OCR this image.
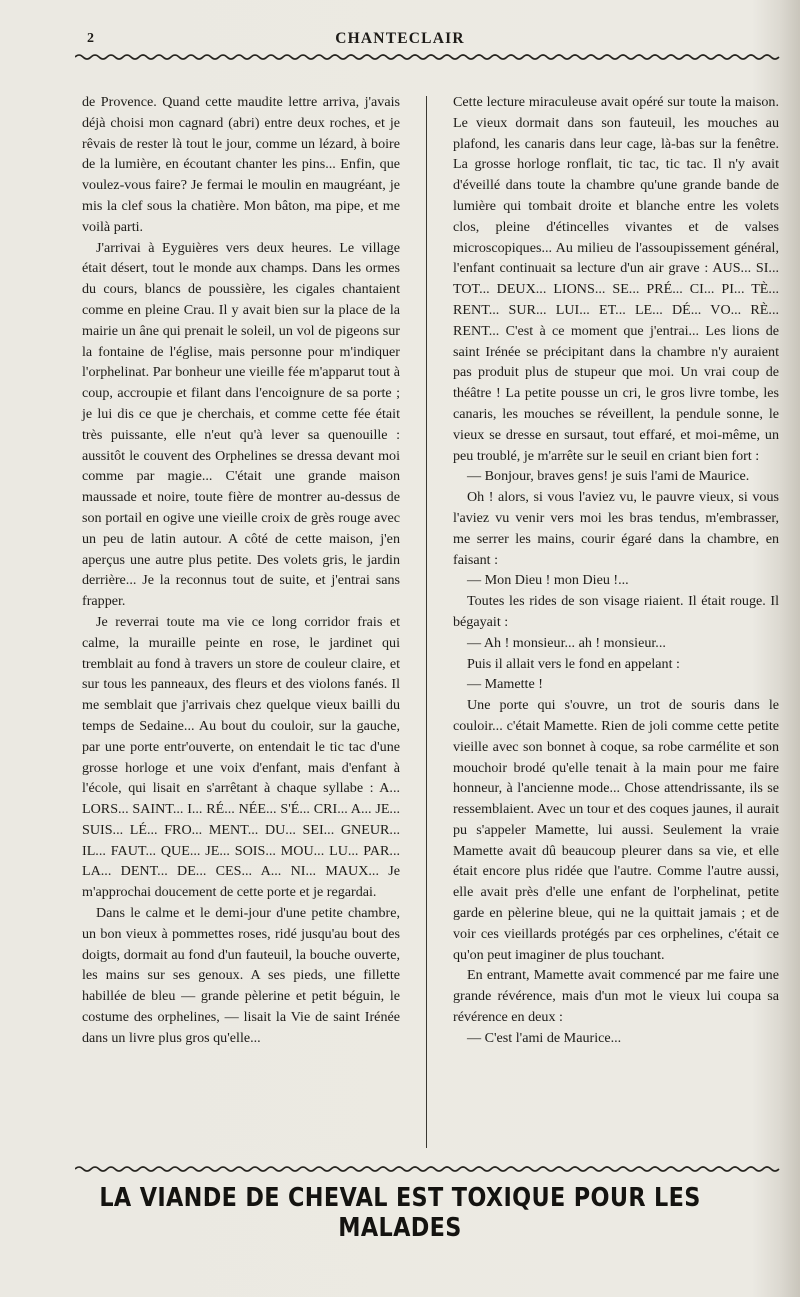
2	CHANTECLAIR

de Provence. Quand cette maudite lettre arriva, j'avais déjà choisi mon cagnard (abri) entre deux roches, et je rêvais de rester là tout le jour, comme un lézard, à boire de la lumière, en écoutant chanter les pins... Enfin, que voulez-vous faire? Je fermai le moulin en maugréant, je mis la clef sous la chatière. Mon bâton, ma pipe, et me voilà parti.

J'arrivai à Eyguières vers deux heures. Le village était désert, tout le monde aux champs. Dans les ormes du cours, blancs de poussière, les cigales chantaient comme en pleine Crau. Il y avait bien sur la place de la mairie un âne qui prenait le soleil, un vol de pigeons sur la fontaine de l'église, mais personne pour m'indiquer l'orphelinat. Par bonheur une vieille fée m'apparut tout à coup, accroupie et filant dans l'encoignure de sa porte ; je lui dis ce que je cherchais, et comme cette fée était très puissante, elle n'eut qu'à lever sa quenouille : aussitôt le couvent des Orphelines se dressa devant moi comme par magie... C'était une grande maison maussade et noire, toute fière de montrer au-dessus de son portail en ogive une vieille croix de grès rouge avec un peu de latin autour. A côté de cette maison, j'en aperçus une autre plus petite. Des volets gris, le jardin derrière... Je la reconnus tout de suite, et j'entrai sans frapper.

Je reverrai toute ma vie ce long corridor frais et calme, la muraille peinte en rose, le jardinet qui tremblait au fond à travers un store de couleur claire, et sur tous les panneaux, des fleurs et des violons fanés. Il me semblait que j'arrivais chez quelque vieux bailli du temps de Sedaine... Au bout du couloir, sur la gauche, par une porte entr'ouverte, on entendait le tic tac d'une grosse horloge et une voix d'enfant, mais d'enfant à l'école, qui lisait en s'arrêtant à chaque syllabe : A... LORS... SAINT... I... RÉ... NÉE... S'É... CRI... A... JE... SUIS... LÉ... FRO... MENT... DU... SEI... GNEUR... IL... FAUT... QUE... JE... SOIS... MOU... LU... PAR... LA... DENT... DE... CES... A... NI... MAUX... Je m'approchai doucement de cette porte et je regardai.

Dans le calme et le demi-jour d'une petite chambre, un bon vieux à pommettes roses, ridé jusqu'au bout des doigts, dormait au fond d'un fauteuil, la bouche ouverte, les mains sur ses genoux. A ses pieds, une fillette habillée de bleu — grande pèlerine et petit béguin, le costume des orphelines, — lisait la Vie de saint Irénée dans un livre plus gros qu'elle...

Cette lecture miraculeuse avait opéré sur toute la maison. Le vieux dormait dans son fauteuil, les mouches au plafond, les canaris dans leur cage, là-bas sur la fenêtre. La grosse horloge ronflait, tic tac, tic tac. Il n'y avait d'éveillé dans toute la chambre qu'une grande bande de lumière qui tombait droite et blanche entre les volets clos, pleine d'étincelles vivantes et de valses microscopiques... Au milieu de l'assoupissement général, l'enfant continuait sa lecture d'un air grave : AUS... SI... TOT... DEUX... LIONS... SE... PRÉ... CI... PI... TÈ... RENT... SUR... LUI... ET... LE... DÉ... VO... RÈ... RENT... C'est à ce moment que j'entrai... Les lions de saint Irénée se précipitant dans la chambre n'y auraient pas produit plus de stupeur que moi. Un vrai coup de théâtre ! La petite pousse un cri, le gros livre tombe, les canaris, les mouches se réveillent, la pendule sonne, le vieux se dresse en sursaut, tout effaré, et moi-même, un peu troublé, je m'arrête sur le seuil en criant bien fort :

— Bonjour, braves gens! je suis l'ami de Maurice.

Oh ! alors, si vous l'aviez vu, le pauvre vieux, si vous l'aviez vu venir vers moi les bras tendus, m'embrasser, me serrer les mains, courir égaré dans la chambre, en faisant :

— Mon Dieu ! mon Dieu !...

Toutes les rides de son visage riaient. Il était rouge. Il bégayait :

— Ah ! monsieur... ah ! monsieur...

Puis il allait vers le fond en appelant :

— Mamette !

Une porte qui s'ouvre, un trot de souris dans le couloir... c'était Mamette. Rien de joli comme cette petite vieille avec son bonnet à coque, sa robe carmélite et son mouchoir brodé qu'elle tenait à la main pour me faire honneur, à l'ancienne mode... Chose attendrissante, ils se ressemblaient. Avec un tour et des coques jaunes, il aurait pu s'appeler Mamette, lui aussi. Seulement la vraie Mamette avait dû beaucoup pleurer dans sa vie, et elle était encore plus ridée que l'autre. Comme l'autre aussi, elle avait près d'elle une enfant de l'orphelinat, petite garde en pèlerine bleue, qui ne la quittait jamais ; et de voir ces vieillards protégés par ces orphelines, c'était ce qu'on peut imaginer de plus touchant.

En entrant, Mamette avait commencé par me faire une grande révérence, mais d'un mot le vieux lui coupa sa révérence en deux :

— C'est l'ami de Maurice...

LA VIANDE DE CHEVAL EST TOXIQUE POUR LES MALADES
